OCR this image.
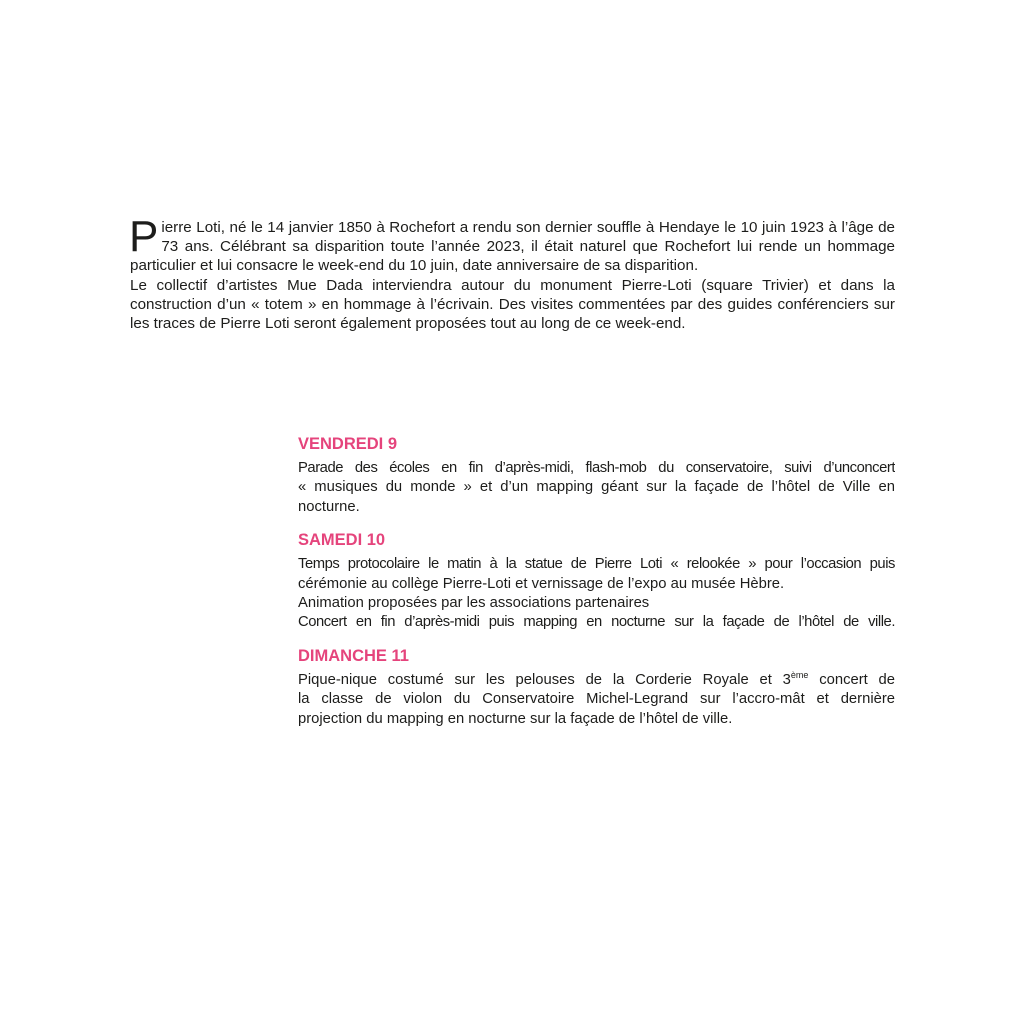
Pierre Loti, né le 14 janvier 1850 à Rochefort a rendu son dernier souffle à Hendaye le 10 juin 1923 à l’âge de 73 ans. Célébrant sa disparition toute l’année 2023, il était naturel que Rochefort lui rende un hommage particulier et lui consacre le week-end du 10 juin, date anniversaire de sa disparition.

Le collectif d’artistes Mue Dada interviendra autour du monument Pierre-Loti (square Trivier) et dans la construction d’un « totem » en hommage à l’écrivain. Des visites commentées par des guides conférenciers sur les traces de Pierre Loti seront également proposées tout au long de ce week-end.

VENDREDI 9
Parade des écoles en fin d’après-midi, flash-mob du conservatoire, suivi d’unconcert
« musiques du monde » et d’un mapping géant sur la façade de l’hôtel de Ville en
nocturne.
SAMEDI 10
Temps protocolaire le matin à la statue de Pierre Loti « relookée » pour l’occasion puis
cérémonie au collège Pierre-Loti et vernissage de l’expo au musée Hèbre.
Animation proposées par les associations partenaires
Concert en fin d’après-midi puis mapping en nocturne sur la façade de l’hôtel de ville.
DIMANCHE 11
Pique-nique costumé sur les pelouses de la Corderie Royale et 3ème concert de
la classe de violon du Conservatoire Michel-Legrand sur l’accro-mât et dernière
projection du mapping en nocturne sur la façade de l’hôtel de ville.
